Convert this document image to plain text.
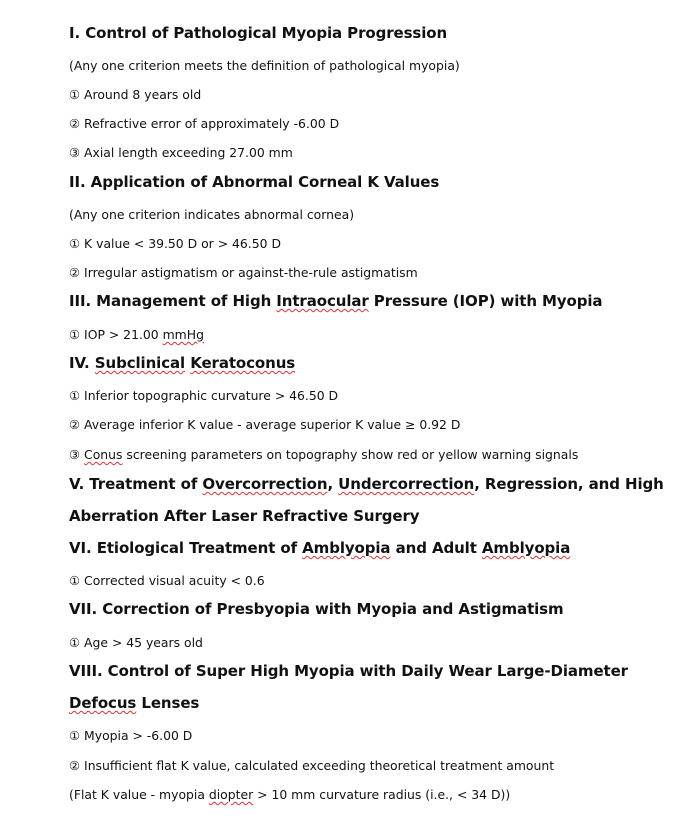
I. Control of Pathological Myopia Progression
(Any one criterion meets the definition of pathological myopia)
① Around 8 years old
② Refractive error of approximately -6.00 D
③ Axial length exceeding 27.00 mm
II. Application of Abnormal Corneal K Values
(Any one criterion indicates abnormal cornea)
① K value < 39.50 D or > 46.50 D
② Irregular astigmatism or against-the-rule astigmatism
III. Management of High Intraocular Pressure (IOP) with Myopia
① IOP > 21.00 mmHg
IV. Subclinical Keratoconus
① Inferior topographic curvature > 46.50 D
② Average inferior K value - average superior K value ≥ 0.92 D
③ Conus screening parameters on topography show red or yellow warning signals
V. Treatment of Overcorrection, Undercorrection, Regression, and High
Aberration After Laser Refractive Surgery
VI. Etiological Treatment of Amblyopia and Adult Amblyopia
① Corrected visual acuity < 0.6
VII. Correction of Presbyopia with Myopia and Astigmatism
① Age > 45 years old
VIII. Control of Super High Myopia with Daily Wear Large-Diameter
Defocus Lenses
① Myopia > -6.00 D
② Insufficient flat K value, calculated exceeding theoretical treatment amount
(Flat K value - myopia diopter > 10 mm curvature radius (i.e., < 34 D))
